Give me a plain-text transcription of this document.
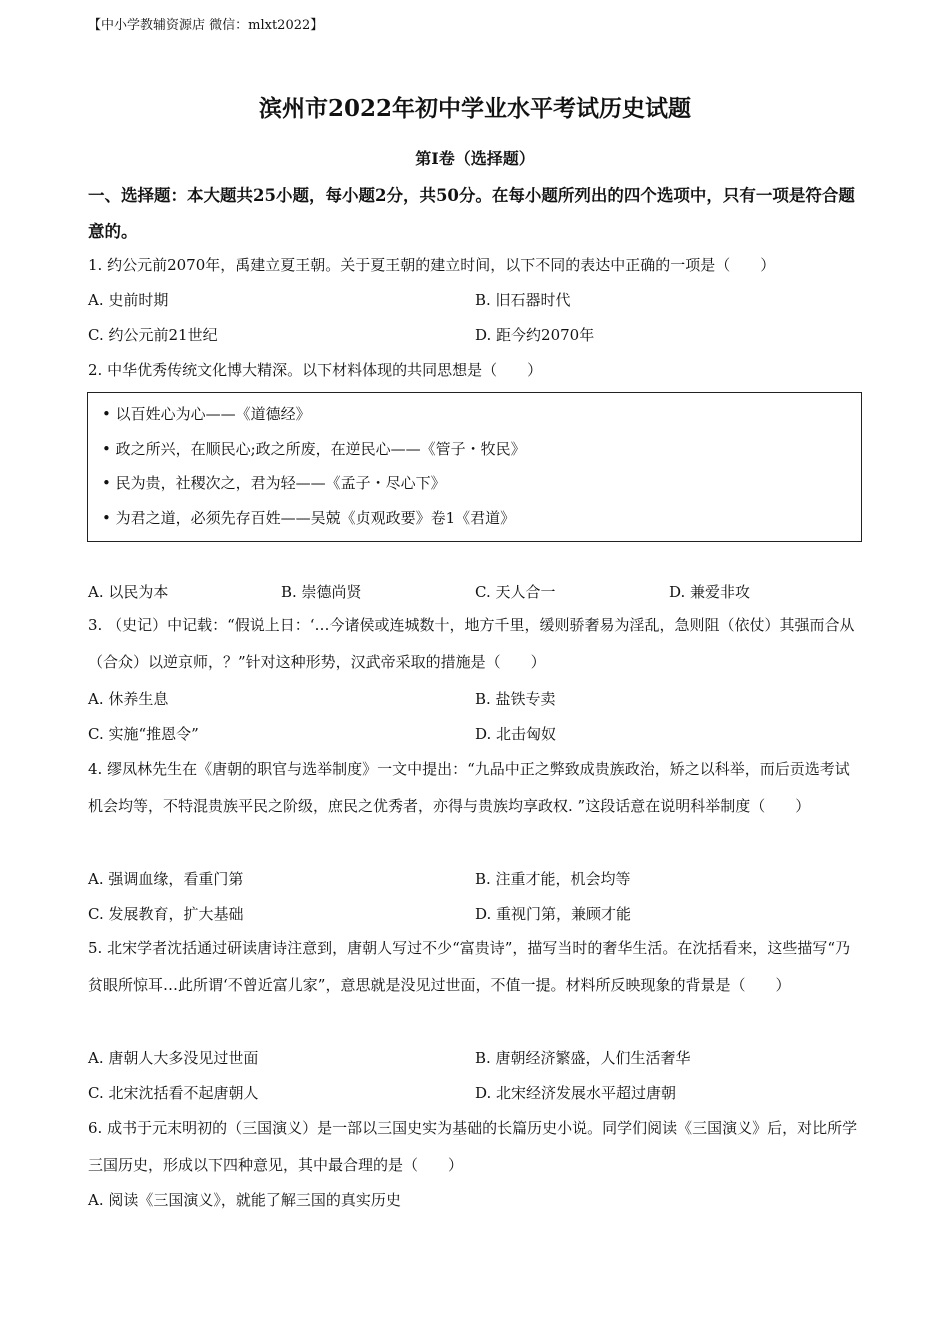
【中小学教辅资源店 微信：mlxt2022】
滨州市2022年初中学业水平考试历史试题
第Ⅰ卷（选择题）
一、选择题：本大题共25小题，每小题2分，共50分。在每小题所列出的四个选项中，只有一项是符合题意的。
1. 约公元前2070年，禹建立夏王朝。关于夏王朝的建立时间，以下不同的表达中正确的一项是（　　）
A. 史前时期	B. 旧石器时代
C. 约公元前21世纪	D. 距今约2070年
2. 中华优秀传统文化博大精深。以下材料体现的共同思想是（　　）
• 以百姓心为心——《道德经》
• 政之所兴，在顺民心;政之所废，在逆民心——《管子・牧民》
• 民为贵，社稷次之，君为轻——《孟子・尽心下》
• 为君之道，必须先存百姓——吴兢《贞观政要》卷1《君道》
A. 以民为本	B. 崇德尚贤	C. 天人合一	D. 兼爱非攻
3. （史记）中记载：“假说上日：‘…今诸侯或连城数十，地方千里，缓则骄奢易为淫乱，急则阻（依仗）其强而合从（合众）以逆京师，？”针对这种形势，汉武帝采取的措施是（　　）
A. 休养生息	B. 盐铁专卖
C. 实施“推恩令”	D. 北击匈奴
4. 缪凤林先生在《唐朝的职官与选举制度》一文中提出：“九品中正之弊致成贵族政治，矫之以科举，而后贡选考试机会均等，不特混贵族平民之阶级，庶民之优秀者，亦得与贵族均享政权. ”这段话意在说明科举制度（　　）
A. 强调血缘，看重门第	B. 注重才能，机会均等
C. 发展教育，扩大基础	D. 重视门第，兼顾才能
5. 北宋学者沈括通过研读唐诗注意到，唐朝人写过不少“富贵诗”，描写当时的奢华生活。在沈括看来，这些描写“乃贫眼所惊耳…此所谓‘不曾近富儿家”，意思就是没见过世面，不值一提。材料所反映现象的背景是（　　）
A. 唐朝人大多没见过世面	B. 唐朝经济繁盛，人们生活奢华
C. 北宋沈括看不起唐朝人	D. 北宋经济发展水平超过唐朝
6. 成书于元末明初的（三国演义）是一部以三国史实为基础的长篇历史小说。同学们阅读《三国演义》后，对比所学三国历史，形成以下四种意见，其中最合理的是（　　）
A. 阅读《三国演义》，就能了解三国的真实历史
